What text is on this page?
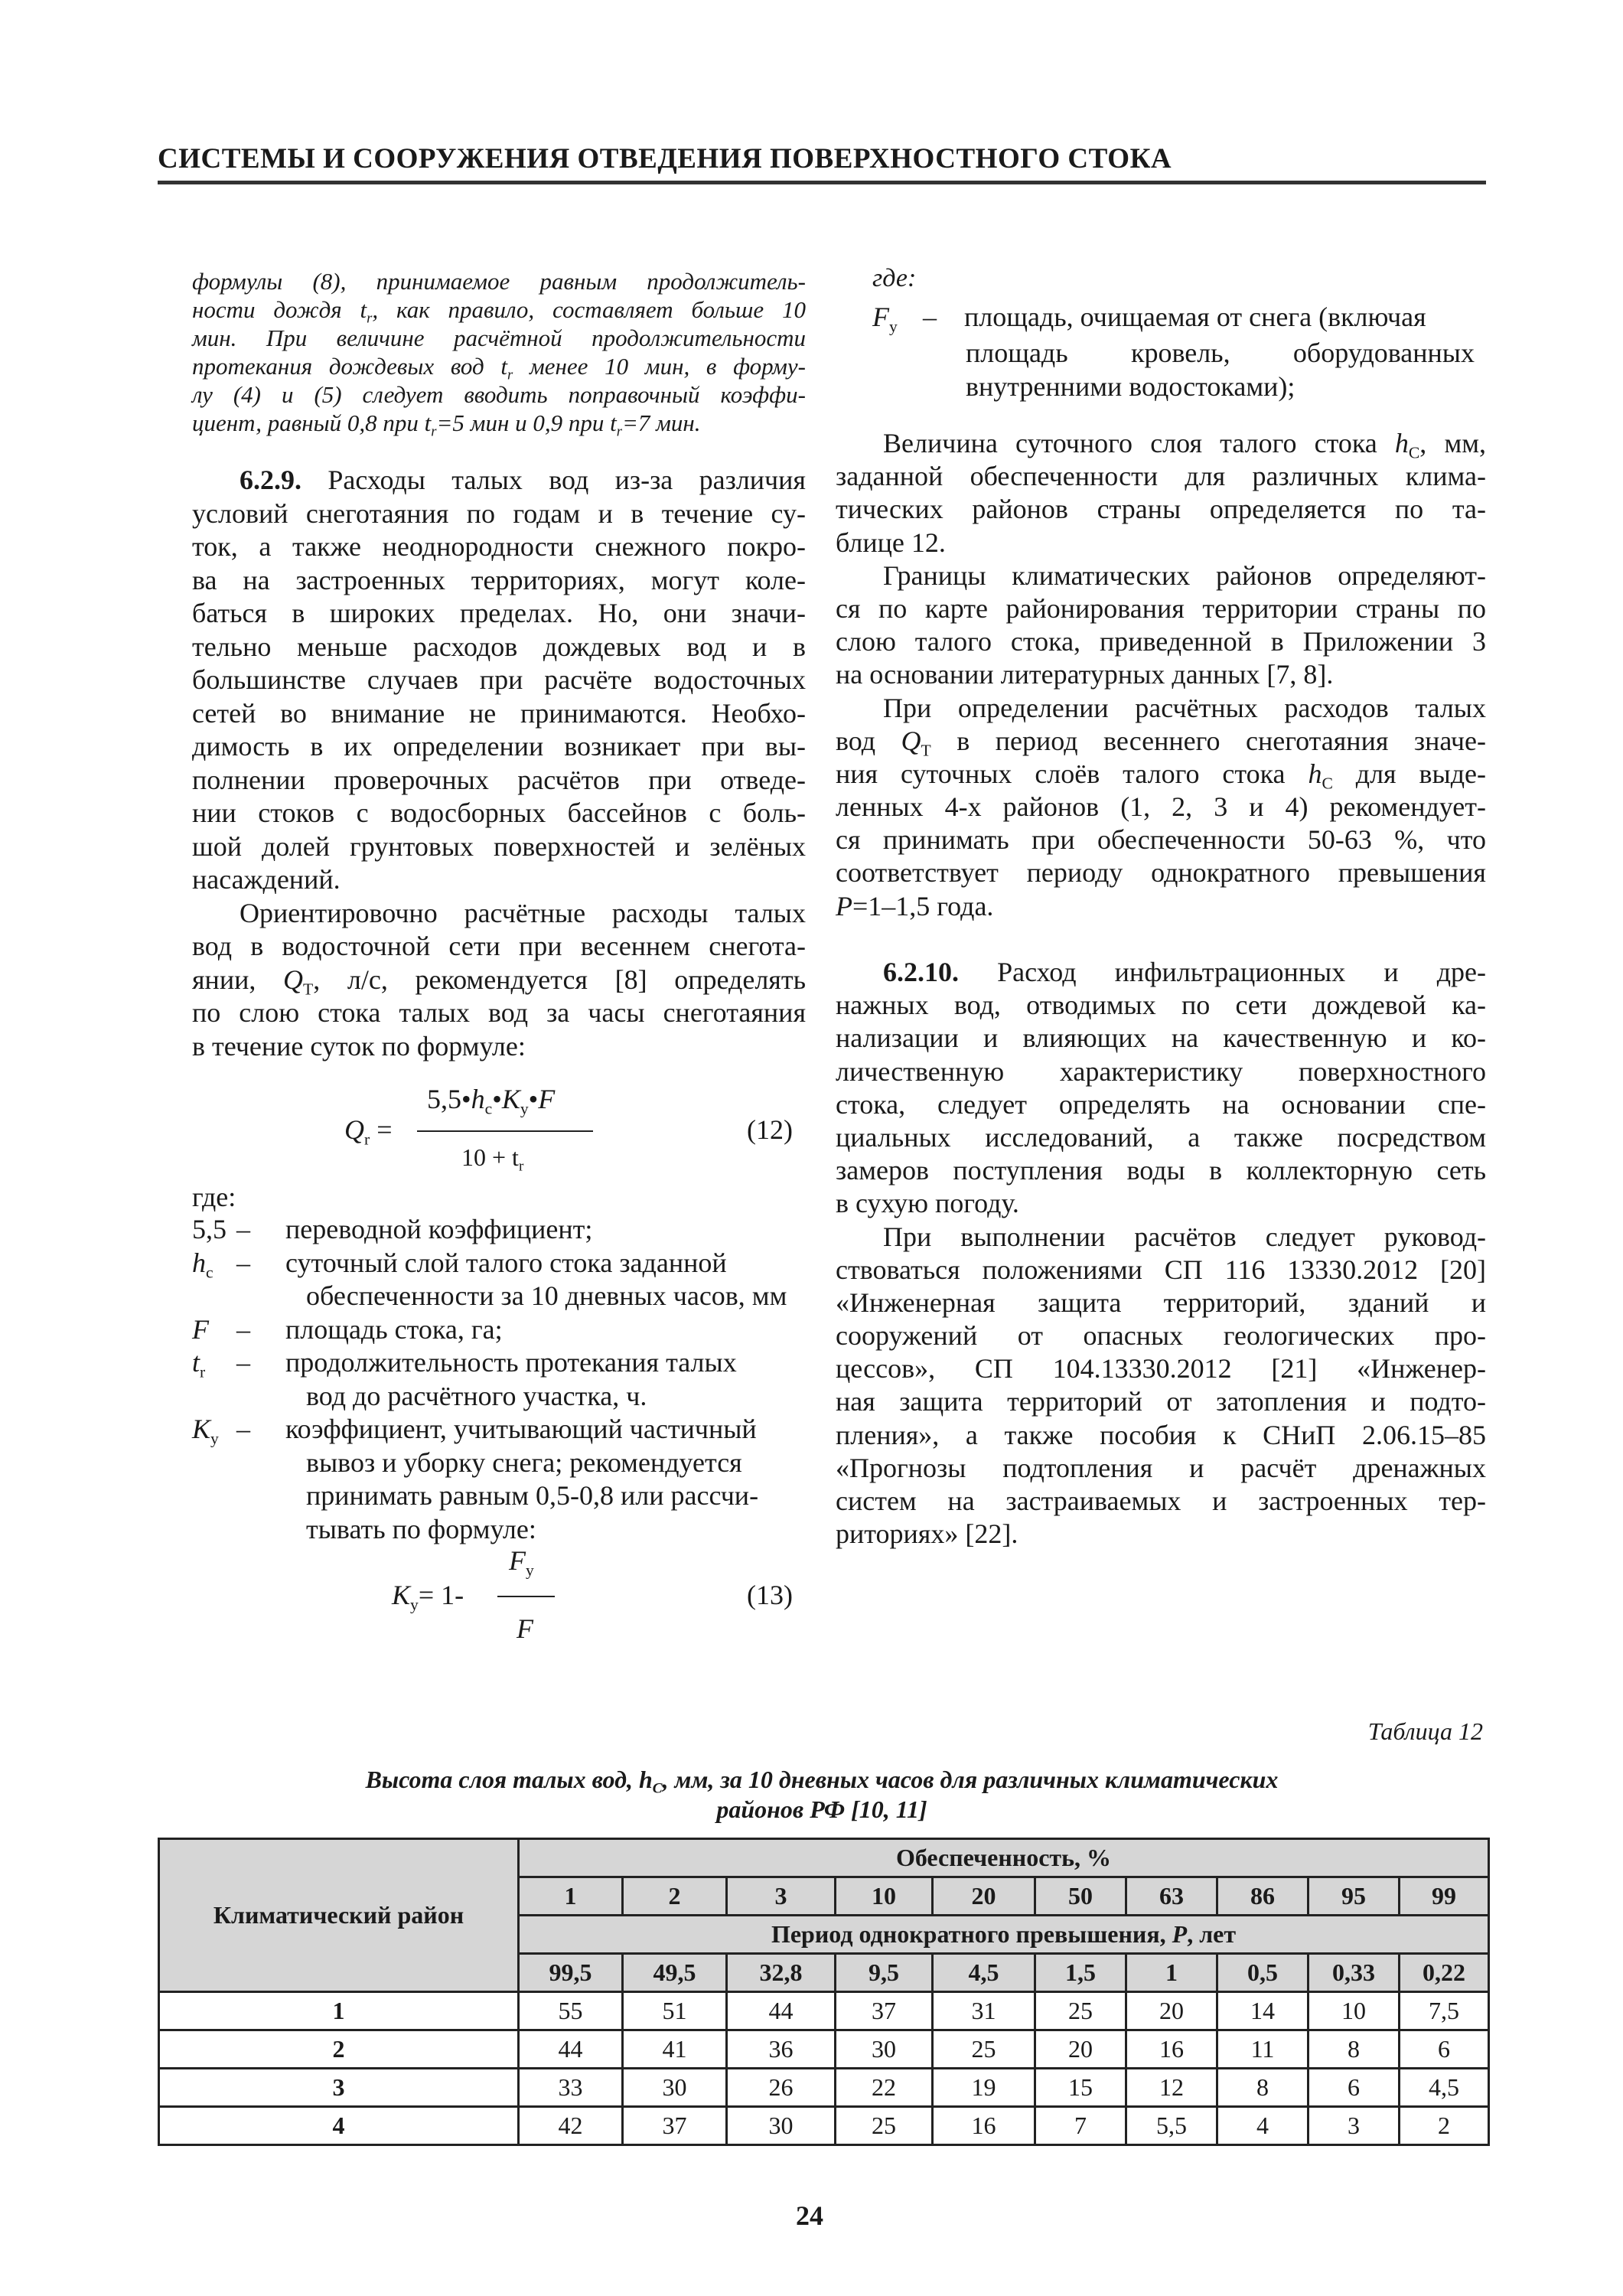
СИСТЕМЫ И СООРУЖЕНИЯ ОТВЕДЕНИЯ ПОВЕРХНОСТНОГО СТОКА
формулы (8), принимаемое равным продолжитель-
ности дождя $t_r$, как правило, составляет больше 10
мин. При величине расчётной продолжительности
протекания дождевых вод $t_r$ менее 10 мин, в форму-
лу (4) и (5) следует вводить поправочный коэффи-
циент, равный 0,8 при $t_r=5$ мин и 0,9 при $t_r=7$ мин.
6.2.9. Расходы талых вод из-за различия
условий снеготаяния по годам и в течение су-
ток, а также неоднородности снежного покро-
ва на застроенных территориях, могут коле-
баться в широких пределах. Но, они значи-
тельно меньше расходов дождевых вод и в
большинстве случаев при расчёте водосточных
сетей во внимание не принимаются. Необхо-
димость в их определении возникает при вы-
полнении проверочных расчётов при отведе-
нии стоков с водосборных бассейнов с боль-
шой долей грунтовых поверхностей и зелёных
насаждений.
Ориентировочно расчётные расходы талых
вод в водосточной сети при весеннем снегота-
янии, $Q_T$, л/с, рекомендуется [8] определять
по слою стока талых вод за часы снеготаяния
в течение суток по формуле:
$Q_r$ =
$5,5•h_c•K_y•F$
$10 + t_r$
(12)
где:
5,5 – переводной коэффициент;
$h_c$ – суточный слой талого стока заданной
обеспеченности за 10 дневных часов, мм
F – площадь стока, га;
$t_r$ – продолжительность протекания талых
вод до расчётного участка, ч.
$K_y$ – коэффициент, учитывающий частичный
вывоз и уборку снега; рекомендуется
принимать равным 0,5-0,8 или рассчи-
тывать по формуле:
$K_y= 1-$
$F_y$
F
(13)
где:
$F_y$ – площадь, очищаемая от снега (включая
площадь кровель, оборудованных
внутренними водостоками);
Величина суточного слоя талого стока $h_C$, мм,
заданной обеспеченности для различных клима-
тических районов страны определяется по та-
блице 12.
Границы климатических районов определяют-
ся по карте районирования территории страны по
слою талого стока, приведенной в Приложении 3
на основании литературных данных [7, 8].
При определении расчётных расходов талых
вод $Q_Т$ в период весеннего снеготаяния значе-
ния суточных слоёв талого стока $h_С$ для выде-
ленных 4-х районов (1, 2, 3 и 4) рекомендует-
ся принимать при обеспеченности 50-63 %, что
соответствует периоду однократного превышения
P=1–1,5 года.
6.2.10. Расход инфильтрационных и дре-
нажных вод, отводимых по сети дождевой ка-
нализации и влияющих на качественную и ко-
личественную характеристику поверхностного
стока, следует определять на основании спе-
циальных исследований, а также посредством
замеров поступления воды в коллекторную сеть
в сухую погоду.
При выполнении расчётов следует руковод-
ствоваться положениями СП 116 13330.2012 [20]
«Инженерная защита территорий, зданий и
сооружений от опасных геологических про-
цессов», СП 104.13330.2012 [21] «Инженер-
ная защита территорий от затопления и подто-
пления», а также пособия к СНиП 2.06.15–85
«Прогнозы подтопления и расчёт дренажных
систем на застраиваемых и застроенных тер-
риториях» [22].
Таблица 12
Высота слоя талых вод, $h_C$, мм, за 10 дневных часов для различных климатических
районов РФ [10, 11]
Климатический район	Обеспеченность, %									
	1	2	3	10	20	50	63	86	95	99
	Период однократного превышения, P, лет									
	99,5	49,5	32,8	9,5	4,5	1,5	1	0,5	0,33	0,22
1	55	51	44	37	31	25	20	14	10	7,5
2	44	41	36	30	25	20	16	11	8	6
3	33	30	26	22	19	15	12	8	6	4,5
4	42	37	30	25	16	7	5,5	4	3	2
24
